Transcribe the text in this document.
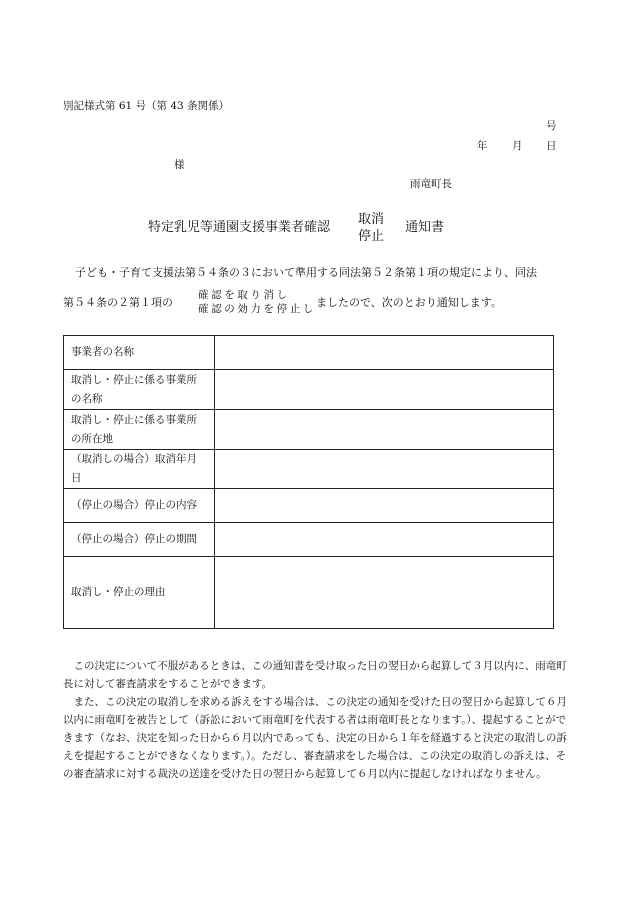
別記様式第 61 号（第 43 条関係）
号
年 月 日
様
雨竜町長
特定乳児等通園支援事業者確認
取消
停止
通知書
子ども・子育て支援法第５４条の３において準用する同法第５２条第１項の規定により、同法
第５４条の２第１項の
確認を取り消し
確認の効力を停止し ましたので、次のとおり通知します。
事業者の名称	
取消し・停止に係る事業所の名称	
取消し・停止に係る事業所の所在地	
（取消しの場合）取消年月日	
（停止の場合）停止の内容	
（停止の場合）停止の期間	
取消し・停止の理由	

この決定について不服があるときは、この通知書を受け取った日の翌日から起算して３月以内に、雨竜町長に対して審査請求をすることができます。

また、この決定の取消しを求める訴えをする場合は、この決定の通知を受けた日の翌日から起算して６月以内に雨竜町を被告として（訴訟において雨竜町を代表する者は雨竜町長となります。）、提起することができます（なお、決定を知った日から６月以内であっても、決定の日から１年を経過すると決定の取消しの訴えを提起することができなくなります。）。ただし、審査請求をした場合は、この決定の取消しの訴えは、その審査請求に対する裁決の送達を受けた日の翌日から起算して６月以内に提起しなければなりません。
